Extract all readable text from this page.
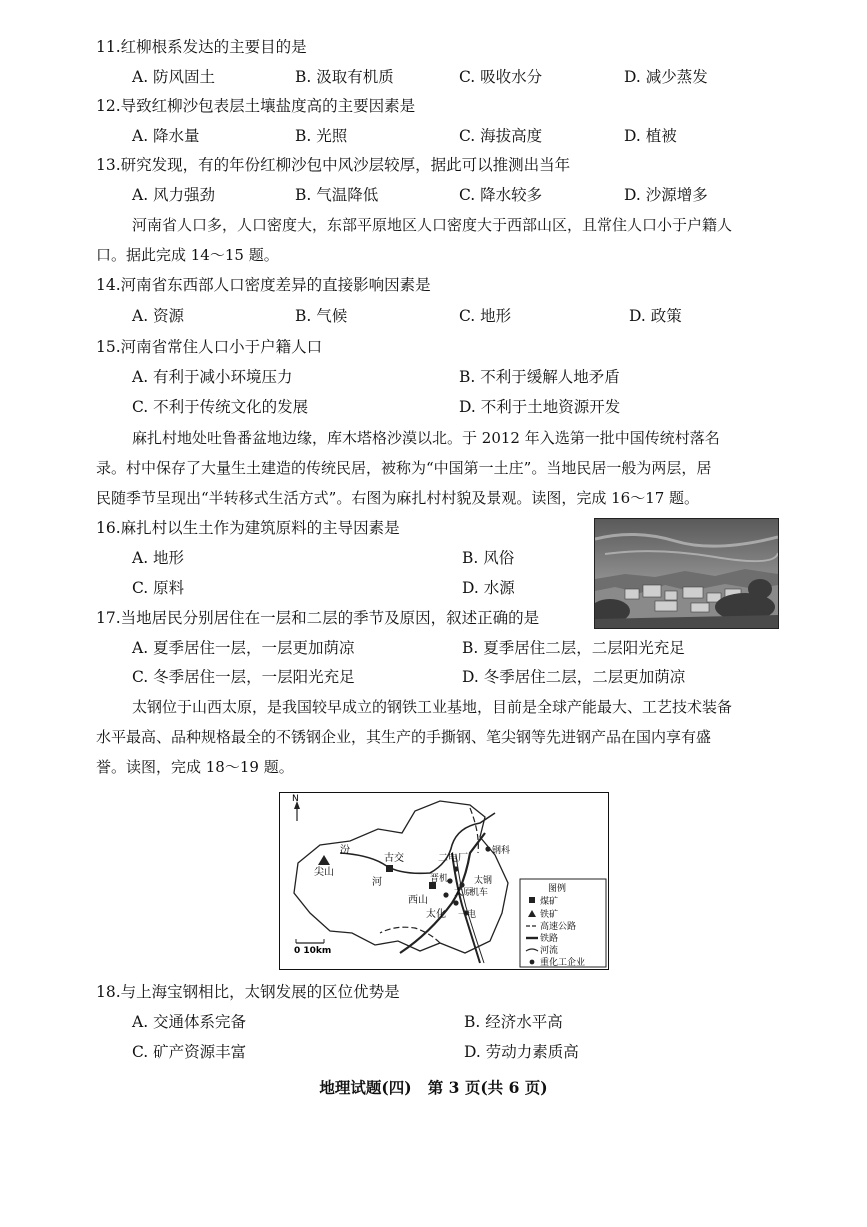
11.红柳根系发达的主要目的是
A. 防风固土	B. 汲取有机质	C. 吸收水分	D. 减少蒸发
12.导致红柳沙包表层土壤盐度高的主要因素是
A. 降水量	B. 光照	C. 海拔高度	D. 植被
13.研究发现，有的年份红柳沙包中风沙层较厚，据此可以推测出当年
A. 风力强劲	B. 气温降低	C. 降水较多	D. 沙源增多
河南省人口多，人口密度大，东部平原地区人口密度大于西部山区，且常住人口小于户籍人
口。据此完成 14～15 题。
14.河南省东西部人口密度差异的直接影响因素是
A. 资源	B. 气候	C. 地形	D. 政策
15.河南省常住人口小于户籍人口
A. 有利于减小环境压力	B. 不利于缓解人地矛盾
C. 不利于传统文化的发展	D. 不利于土地资源开发
麻扎村地处吐鲁番盆地边缘，库木塔格沙漠以北。于 2012 年入选第一批中国传统村落名
录。村中保存了大量生土建造的传统民居，被称为“中国第一土庄”。当地民居一般为两层，居
民随季节呈现出“半转移式生活方式”。右图为麻扎村村貌及景观。读图，完成 16～17 题。
16.麻扎村以生土作为建筑原料的主导因素是
A. 地形	B. 风俗
C. 原料	D. 水源
17.当地居民分别居住在一层和二层的季节及原因，叙述正确的是
A. 夏季居住一层，一层更加荫凉	B. 夏季居住二层，二层阳光充足
C. 冬季居住一层，一层阳光充足	D. 冬季居住二层，二层更加荫凉
太钢位于山西太原，是我国较早成立的钢铁工业基地，目前是全球产能最大、工艺技术装备
水平最高、品种规格最全的不锈钢企业，其生产的手撕钢、笔尖钢等先进钢产品在国内享有盛
誉。读图，完成 18～19 题。
N
汾
河
尖山
古交	二电厂
钢科
晋机
太原
太钢
机车
西山
太化 一电
0 10km
图例
煤矿
铁矿
高速公路
铁路
河流
重化工企业
18.与上海宝钢相比，太钢发展的区位优势是
A. 交通体系完备	B. 经济水平高
C. 矿产资源丰富	D. 劳动力素质高
地理试题(四)   第 3 页(共 6 页)
